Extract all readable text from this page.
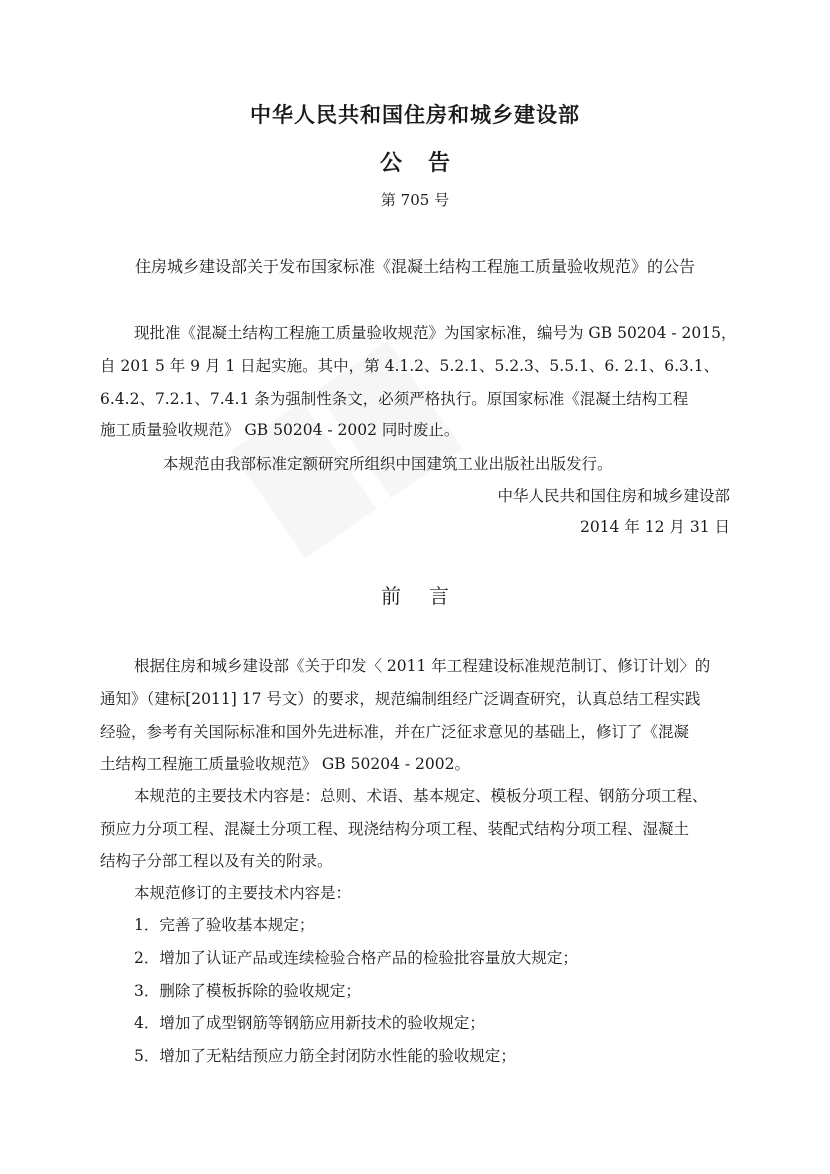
中华人民共和国住房和城乡建设部
公告
第 705 号
住房城乡建设部关于发布国家标准《混凝土结构工程施工质量验收规范》的公告
现批准《混凝土结构工程施工质量验收规范》为国家标准，编号为 GB 50204 - 2015，
自 201 5 年 9 月 1 日起实施。其中，第 4.1.2、5.2.1、5.2.3、5.5.1、6. 2.1、6.3.1、
6.4.2、7.2.1、7.4.1 条为强制性条文，必须严格执行。原国家标准《混凝土结构工程
施工质量验收规范》 GB 50204 - 2002 同时废止。
本规范由我部标准定额研究所组织中国建筑工业出版社出版发行。
中华人民共和国住房和城乡建设部
2014 年 12 月 31 日
前言
根据住房和城乡建设部《关于印发〈 2011 年工程建设标准规范制订、修订计划〉的
通知》（建标[2011] 17 号文）的要求，规范编制组经广泛调查研究，认真总结工程实践
经验，参考有关国际标准和国外先进标准，并在广泛征求意见的基础上，修订了《混凝
土结构工程施工质量验收规范》 GB 50204 - 2002。
本规范的主要技术内容是：总则、术语、基本规定、模板分项工程、钢筋分项工程、
预应力分项工程、混凝土分项工程、现浇结构分项工程、装配式结构分项工程、湿凝土
结构子分部工程以及有关的附录。
本规范修订的主要技术内容是：
1．完善了验收基本规定；
2．增加了认证产品或连续检验合格产品的检验批容量放大规定；
3．删除了模板拆除的验收规定；
4．增加了成型钢筋等钢筋应用新技术的验收规定；
5．增加了无粘结预应力筋全封闭防水性能的验收规定；
